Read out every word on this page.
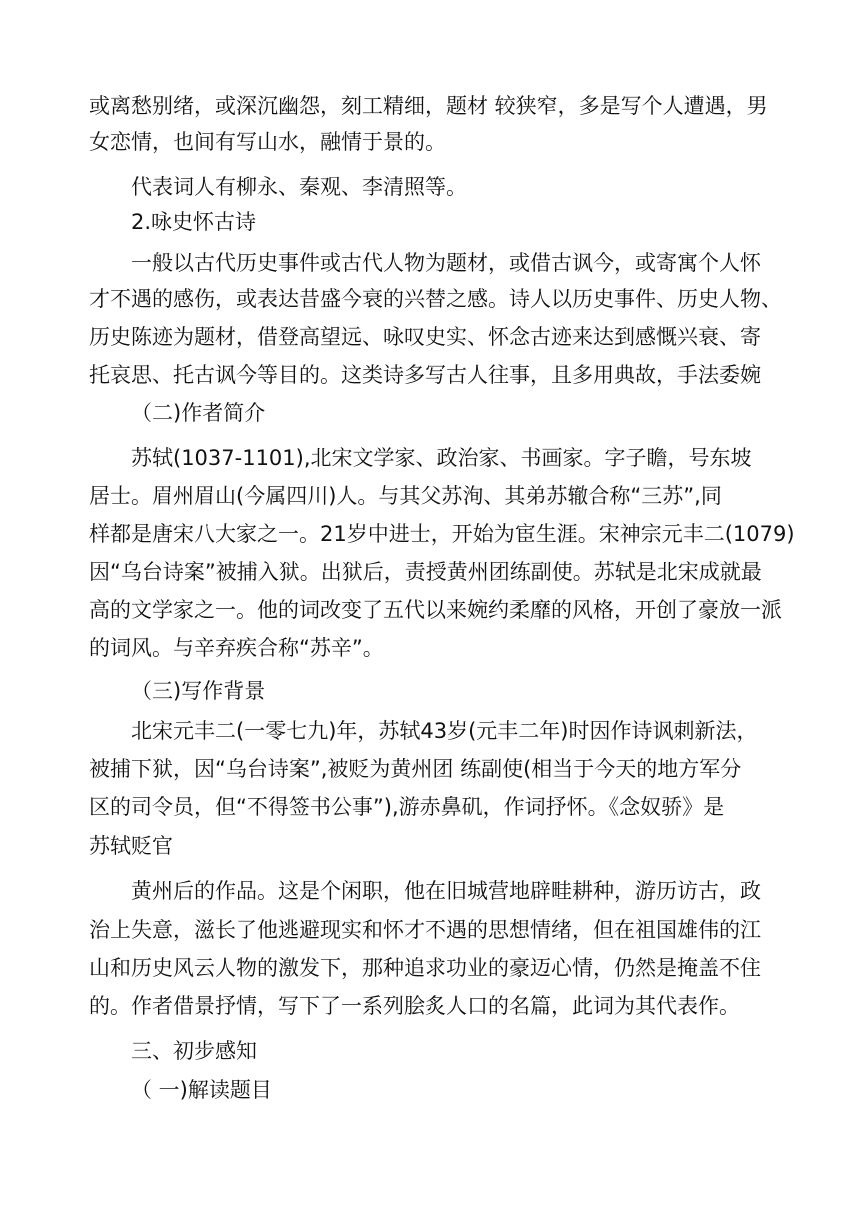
或离愁别绪，或深沉幽怨，刻工精细，题材 较狭窄，多是写个人遭遇，男
女恋情，也间有写山水，融情于景的。
代表词人有柳永、秦观、李清照等。
2.咏史怀古诗
一般以古代历史事件或古代人物为题材，或借古讽今，或寄寓个人怀
才不遇的感伤，或表达昔盛今衰的兴替之感。诗人以历史事件、历史人物、
历史陈迹为题材，借登高望远、咏叹史实、怀念古迹来达到感慨兴衰、寄
托哀思、托古讽今等目的。这类诗多写古人往事，且多用典故，手法委婉
（二)作者简介
苏轼(1037-1101),北宋文学家、政治家、书画家。字子瞻，号东坡
居士。眉州眉山(今属四川)人。与其父苏洵、其弟苏辙合称“三苏”,同
样都是唐宋八大家之一。21岁中进士，开始为宦生涯。宋神宗元丰二(1079)
因“乌台诗案”被捕入狱。出狱后，责授黄州团练副使。苏轼是北宋成就最
高的文学家之一。他的词改变了五代以来婉约柔靡的风格，开创了豪放一派
的词风。与辛弃疾合称“苏辛”。
（三)写作背景
北宋元丰二(一零七九)年，苏轼43岁(元丰二年)时因作诗讽刺新法，
被捕下狱，因“乌台诗案”,被贬为黄州团 练副使(相当于今天的地方军分
区的司令员，但“不得签书公事”),游赤鼻矶，作词抒怀。《念奴骄》是
苏轼贬官
黄州后的作品。这是个闲职，他在旧城营地辟畦耕种，游历访古，政
治上失意，滋长了他逃避现实和怀才不遇的思想情绪，但在祖国雄伟的江
山和历史风云人物的激发下，那种追求功业的豪迈心情，仍然是掩盖不住
的。作者借景抒情，写下了一系列脍炙人口的名篇，此词为其代表作。
三、初步感知
（ 一)解读题目
